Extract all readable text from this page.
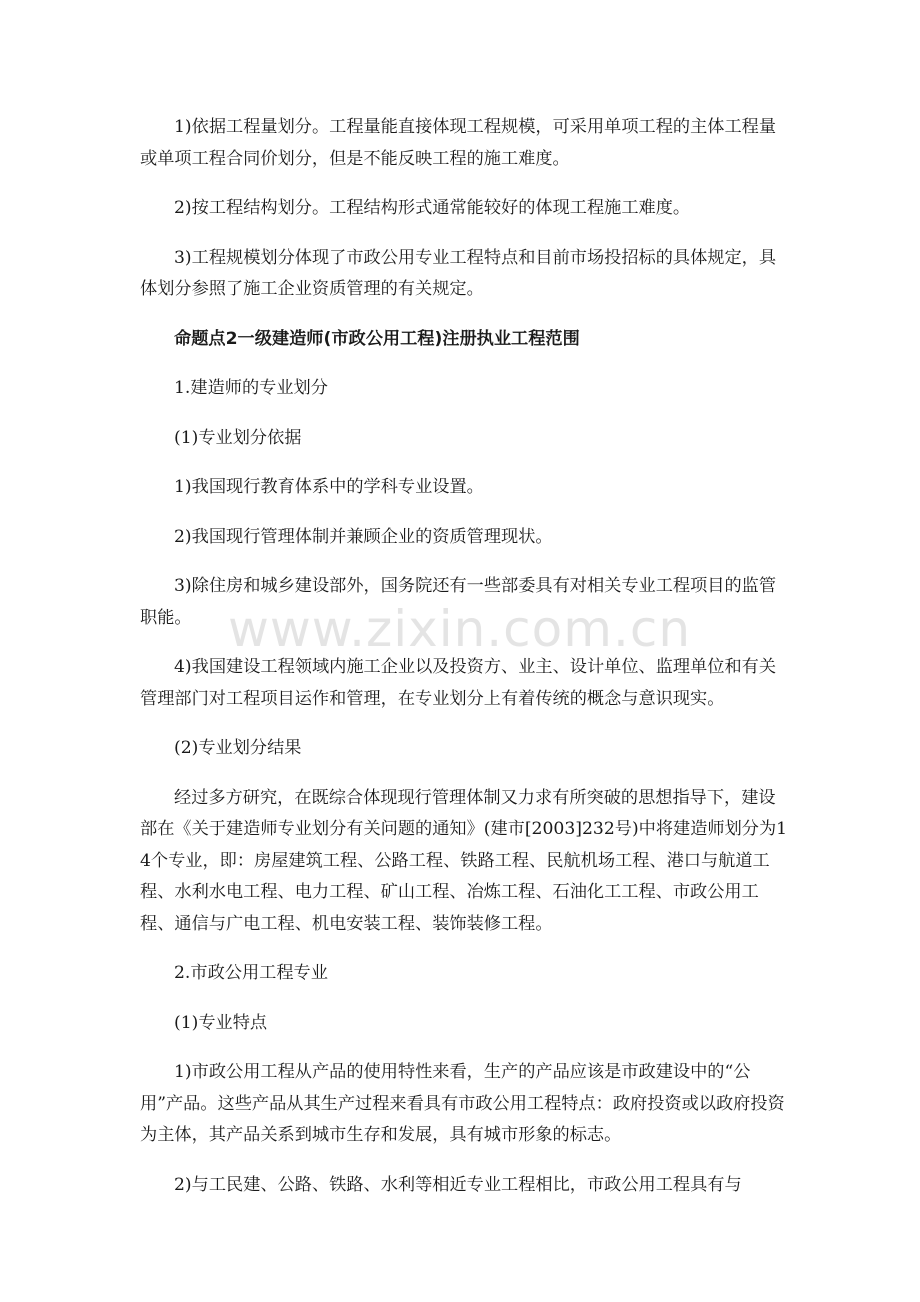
1)依据工程量划分。工程量能直接体现工程规模，可采用单项工程的主体工程量或单项工程合同价划分，但是不能反映工程的施工难度。

2)按工程结构划分。工程结构形式通常能较好的体现工程施工难度。

3)工程规模划分体现了市政公用专业工程特点和目前市场投招标的具体规定，具体划分参照了施工企业资质管理的有关规定。

命题点2一级建造师(市政公用工程)注册执业工程范围

1.建造师的专业划分

(1)专业划分依据

1)我国现行教育体系中的学科专业设置。

2)我国现行管理体制并兼顾企业的资质管理现状。

3)除住房和城乡建设部外，国务院还有一些部委具有对相关专业工程项目的监管职能。

4)我国建设工程领域内施工企业以及投资方、业主、设计单位、监理单位和有关管理部门对工程项目运作和管理，在专业划分上有着传统的概念与意识现实。

(2)专业划分结果

经过多方研究，在既综合体现现行管理体制又力求有所突破的思想指导下，建设部在《关于建造师专业划分有关问题的通知》(建市[2003]232号)中将建造师划分为14个专业，即：房屋建筑工程、公路工程、铁路工程、民航机场工程、港口与航道工程、水利水电工程、电力工程、矿山工程、冶炼工程、石油化工工程、市政公用工程、通信与广电工程、机电安装工程、装饰装修工程。

2.市政公用工程专业

(1)专业特点

1)市政公用工程从产品的使用特性来看，生产的产品应该是市政建设中的“公用”产品。这些产品从其生产过程来看具有市政公用工程特点：政府投资或以政府投资为主体，其产品关系到城市生存和发展，具有城市形象的标志。

2)与工民建、公路、铁路、水利等相近专业工程相比，市政公用工程具有与

www.zixin.com.cn
